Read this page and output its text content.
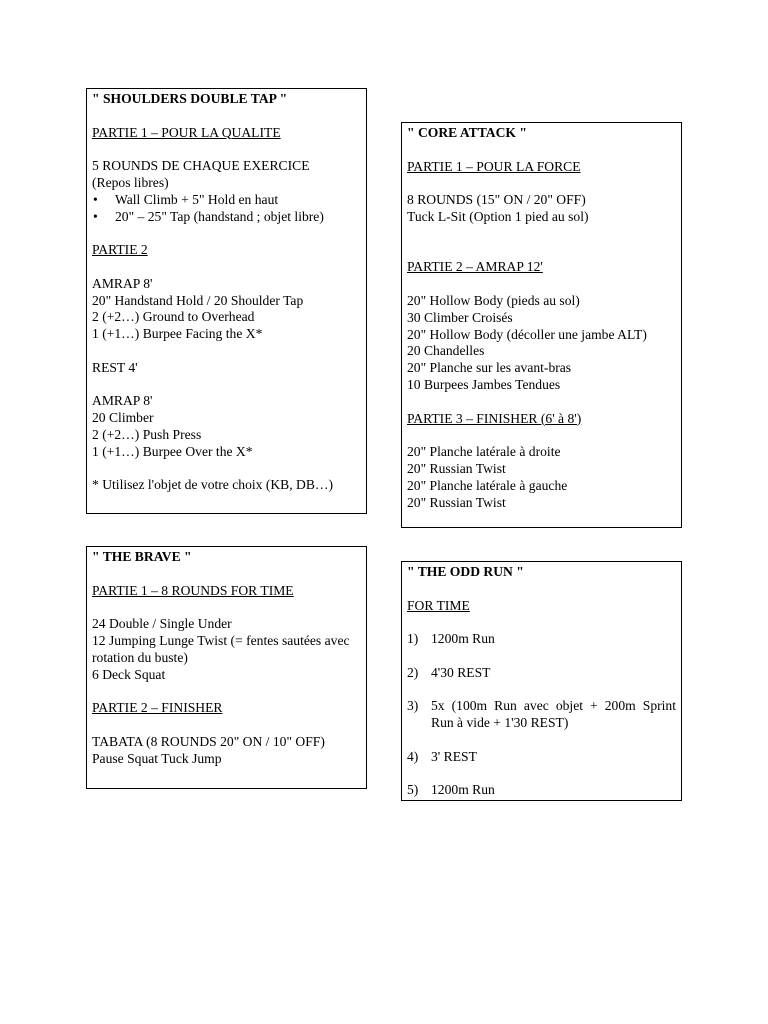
" SHOULDERS DOUBLE TAP "

PARTIE 1 – POUR LA QUALITE

5 ROUNDS DE CHAQUE EXERCICE

(Repos libres)

• Wall Climb + 5" Hold en haut
• 20" – 25" Tap (handstand ; objet libre)

PARTIE 2

AMRAP 8'

20" Handstand Hold / 20 Shoulder Tap

2 (+2…) Ground to Overhead

1 (+1…) Burpee Facing the X*

REST 4'

AMRAP 8'

20 Climber

2 (+2…) Push Press

1 (+1…) Burpee Over the X*

* Utilisez l'objet de votre choix (KB, DB…)

" CORE ATTACK "

PARTIE 1 – POUR LA FORCE

8 ROUNDS (15" ON / 20" OFF)

Tuck L-Sit (Option 1 pied au sol)

PARTIE 2 – AMRAP 12'

20" Hollow Body (pieds au sol)

30 Climber Croisés

20" Hollow Body (décoller une jambe ALT)

20 Chandelles

20" Planche sur les avant-bras

10 Burpees Jambes Tendues

PARTIE 3 – FINISHER (6' à 8')

20" Planche latérale à droite

20" Russian Twist

20" Planche latérale à gauche

20" Russian Twist

" THE BRAVE "

PARTIE 1 – 8 ROUNDS FOR TIME

24 Double / Single Under

12 Jumping Lunge Twist (= fentes sautées avec rotation du buste)

6 Deck Squat

PARTIE 2 – FINISHER

TABATA (8 ROUNDS 20" ON / 10" OFF)

Pause Squat Tuck Jump

" THE ODD RUN "

FOR TIME

1) 1200m Run
2) 4'30 REST
3) 5x (100m Run avec objet + 200m Sprint Run à vide + 1'30 REST)
4) 3' REST
5) 1200m Run
